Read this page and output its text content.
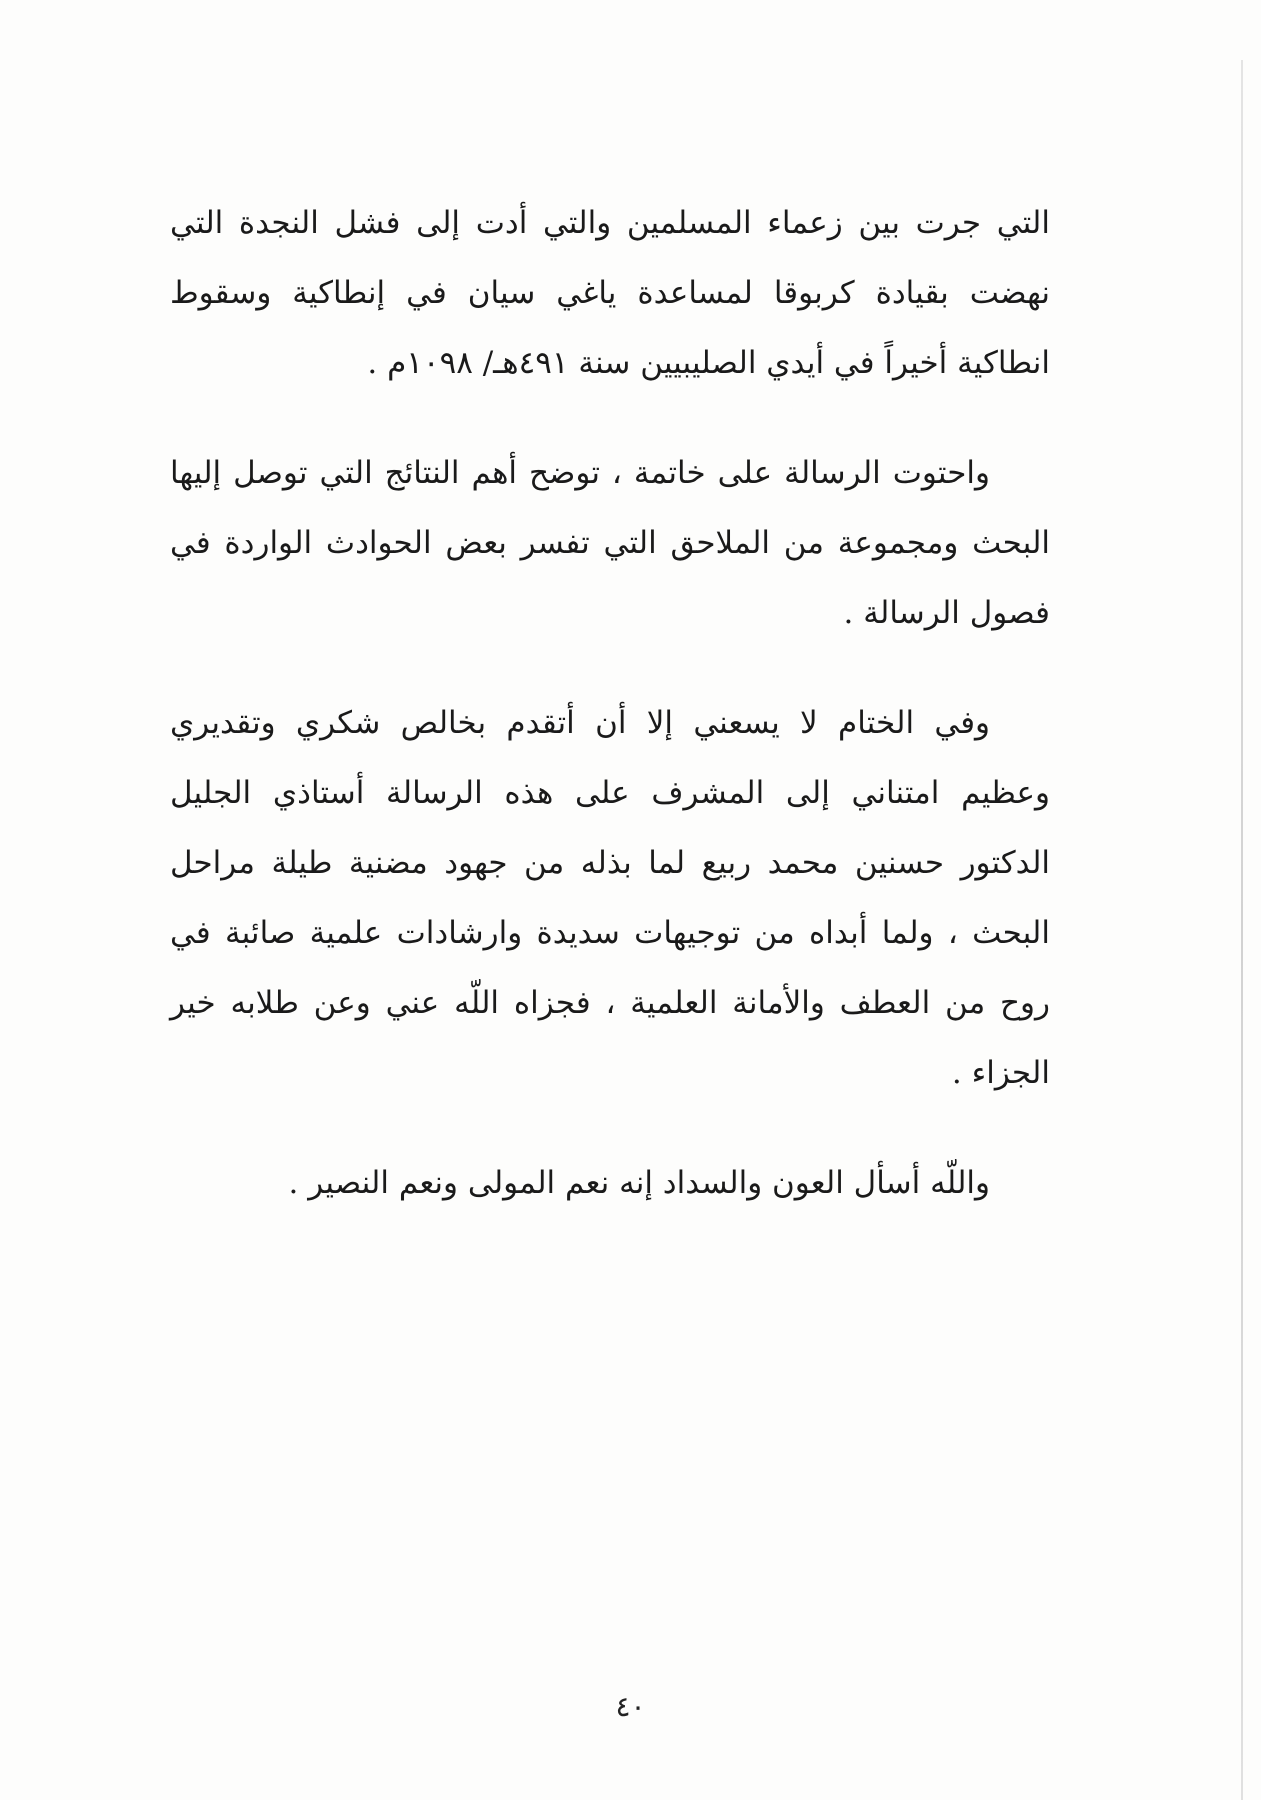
التي جرت بين زعماء المسلمين والتي أدت إلى فشل النجدة التي نهضت بقيادة كربوقا لمساعدة ياغي سيان في إنطاكية وسقوط انطاكية أخيراً في أيدي الصليبيين سنة ٤٩١هـ/ ١٠٩٨م .

واحتوت الرسالة على خاتمة ، توضح أهم النتائج التي توصل إليها البحث ومجموعة من الملاحق التي تفسر بعض الحوادث الواردة في فصول الرسالة .

وفي الختام لا يسعني إلا أن أتقدم بخالص شكري وتقديري وعظيم امتناني إلى المشرف على هذه الرسالة أستاذي الجليل الدكتور حسنين محمد ربيع لما بذله من جهود مضنية طيلة مراحل البحث ، ولما أبداه من توجيهات سديدة وارشادات علمية صائبة في روح من العطف والأمانة العلمية ، فجزاه اللّه عني وعن طلابه خير الجزاء .

واللّه أسأل العون والسداد إنه نعم المولى ونعم النصير .

٤٠
